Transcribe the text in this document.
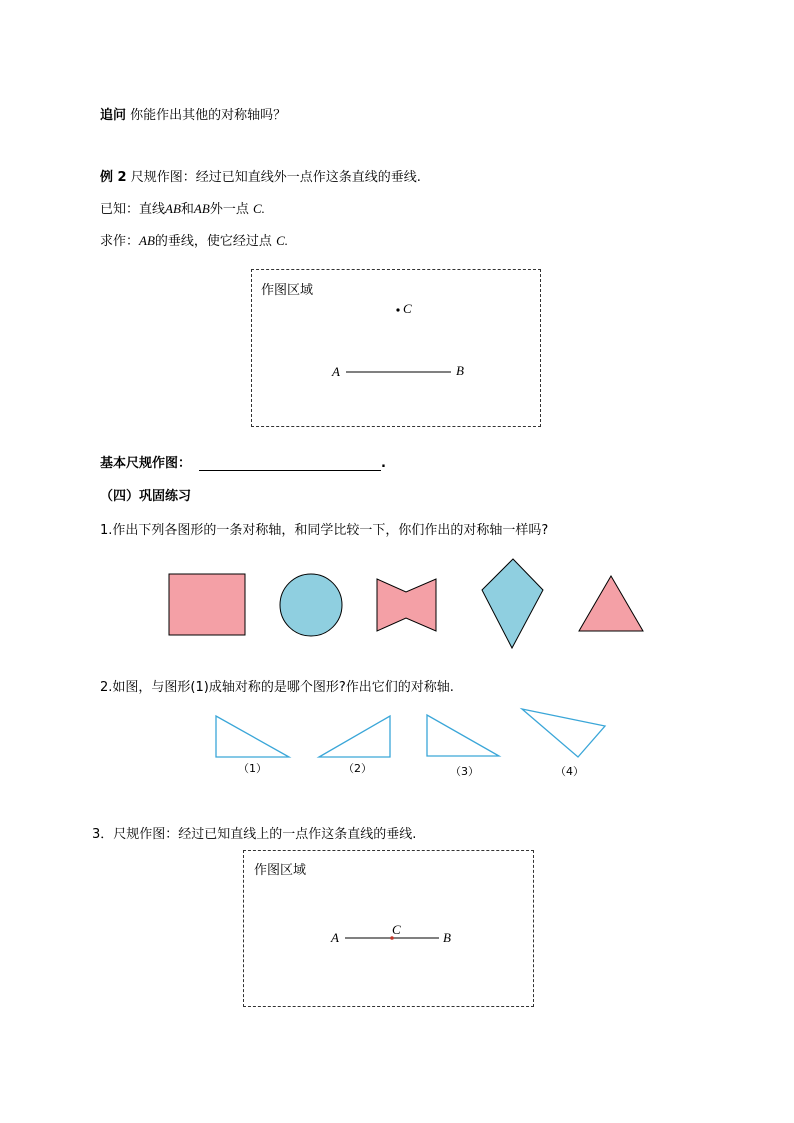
追问 你能作出其他的对称轴吗？
例 2 尺规作图：经过已知直线外一点作这条直线的垂线.
已知：直线AB和AB外一点 C.
求作：AB的垂线，使它经过点 C.
作图区域
C
A	B
基本尺规作图：	.
（四）巩固练习
1.作出下列各图形的一条对称轴，和同学比较一下，你们作出的对称轴一样吗?
2.如图，与图形(1)成轴对称的是哪个图形?作出它们的对称轴.
（1）	（2）	（3）	（4）
3．尺规作图：经过已知直线上的一点作这条直线的垂线.
作图区域
C
A	B
